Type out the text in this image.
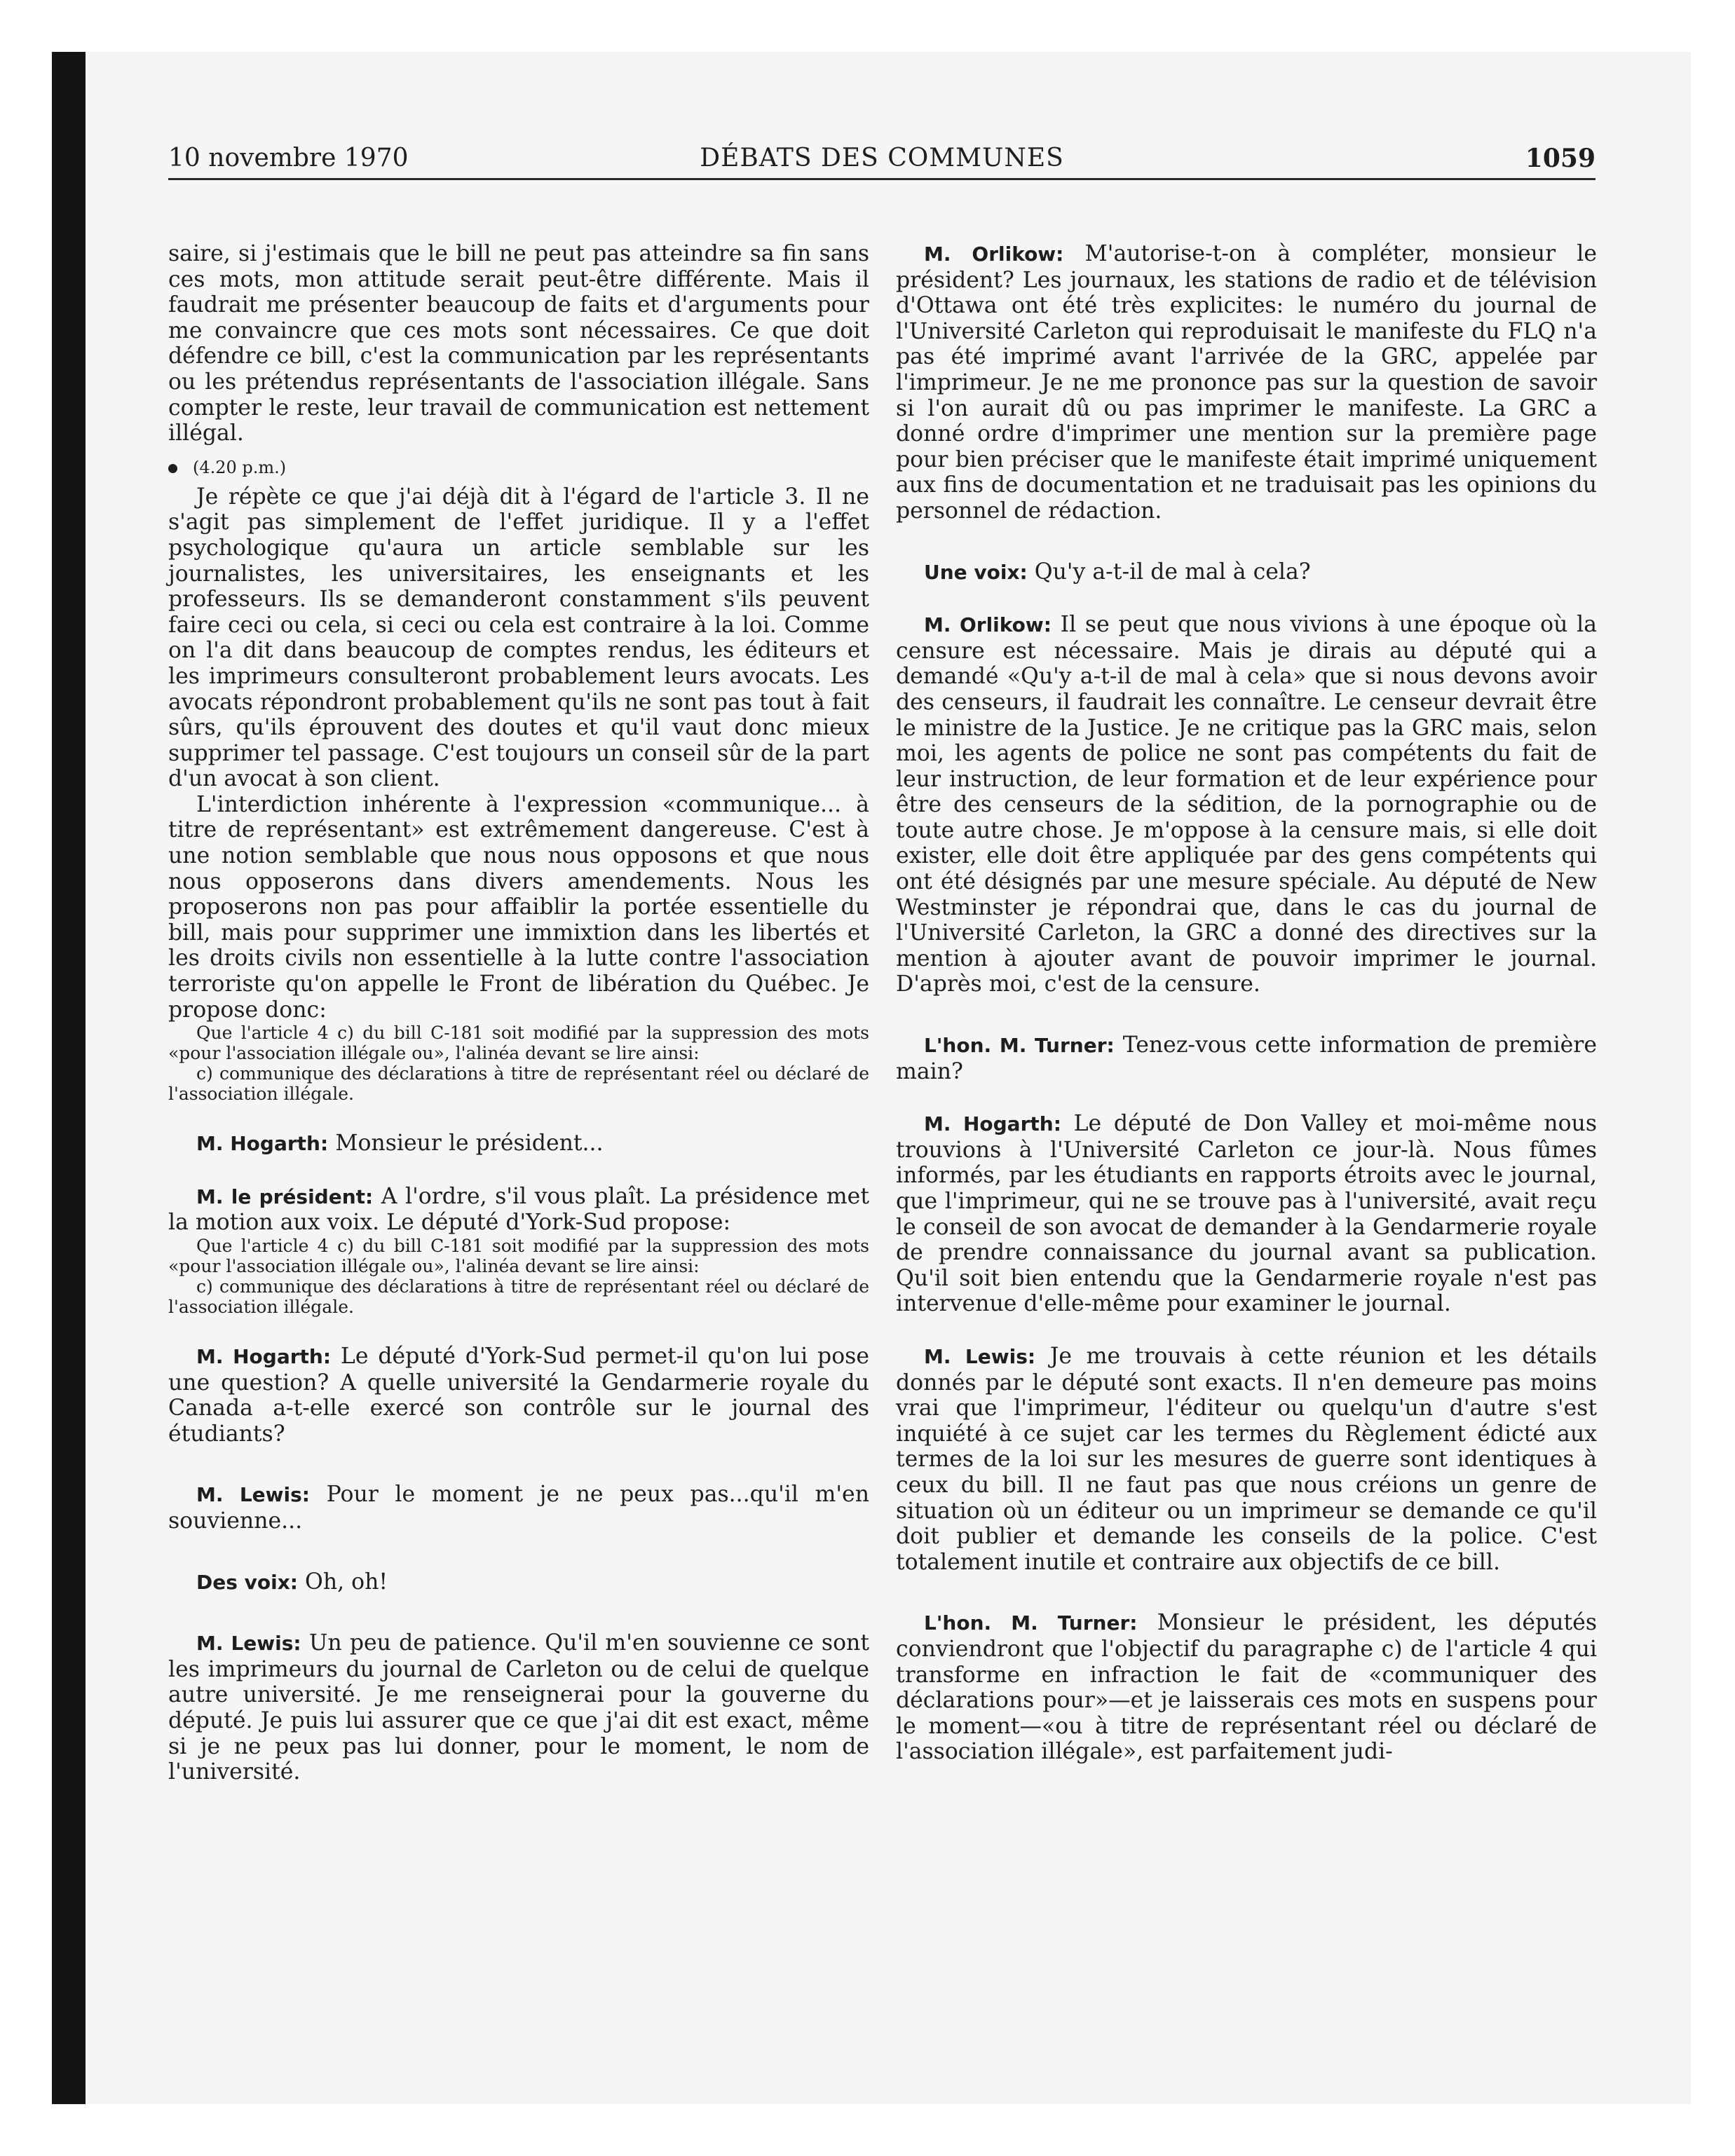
10 novembre 1970	DÉBATS DES COMMUNES	1059

saire, si j'estimais que le bill ne peut pas atteindre sa fin sans ces mots, mon attitude serait peut-être différente. Mais il faudrait me présenter beaucoup de faits et d'arguments pour me convaincre que ces mots sont nécessaires. Ce que doit défendre ce bill, c'est la communication par les représentants ou les prétendus représentants de l'association illégale. Sans compter le reste, leur travail de communication est nettement illégal.

(4.20 p.m.)

Je répète ce que j'ai déjà dit à l'égard de l'article 3. Il ne s'agit pas simplement de l'effet juridique. Il y a l'effet psychologique qu'aura un article semblable sur les journalistes, les universitaires, les enseignants et les professeurs. Ils se demanderont constamment s'ils peuvent faire ceci ou cela, si ceci ou cela est contraire à la loi. Comme on l'a dit dans beaucoup de comptes rendus, les éditeurs et les imprimeurs consulteront probablement leurs avocats. Les avocats répondront probablement qu'ils ne sont pas tout à fait sûrs, qu'ils éprouvent des doutes et qu'il vaut donc mieux supprimer tel passage. C'est toujours un conseil sûr de la part d'un avocat à son client.

L'interdiction inhérente à l'expression «communique... à titre de représentant» est extrêmement dangereuse. C'est à une notion semblable que nous nous opposons et que nous nous opposerons dans divers amendements. Nous les proposerons non pas pour affaiblir la portée essentielle du bill, mais pour supprimer une immixtion dans les libertés et les droits civils non essentielle à la lutte contre l'association terroriste qu'on appelle le Front de libération du Québec. Je propose donc:

Que l'article 4 c) du bill C-181 soit modifié par la suppression des mots «pour l'association illégale ou», l'alinéa devant se lire ainsi:

c) communique des déclarations à titre de représentant réel ou déclaré de l'association illégale.

M. Hogarth: Monsieur le président...

M. le président: A l'ordre, s'il vous plaît. La présidence met la motion aux voix. Le député d'York-Sud propose:

Que l'article 4 c) du bill C-181 soit modifié par la suppression des mots «pour l'association illégale ou», l'alinéa devant se lire ainsi:

c) communique des déclarations à titre de représentant réel ou déclaré de l'association illégale.

M. Hogarth: Le député d'York-Sud permet-il qu'on lui pose une question? A quelle université la Gendarmerie royale du Canada a-t-elle exercé son contrôle sur le journal des étudiants?

M. Lewis: Pour le moment je ne peux pas...qu'il m'en souvienne...

Des voix: Oh, oh!

M. Lewis: Un peu de patience. Qu'il m'en souvienne ce sont les imprimeurs du journal de Carleton ou de celui de quelque autre université. Je me renseignerai pour la gouverne du député. Je puis lui assurer que ce que j'ai dit est exact, même si je ne peux pas lui donner, pour le moment, le nom de l'université.

M. Orlikow: M'autorise-t-on à compléter, monsieur le président? Les journaux, les stations de radio et de télévision d'Ottawa ont été très explicites: le numéro du journal de l'Université Carleton qui reproduisait le manifeste du FLQ n'a pas été imprimé avant l'arrivée de la GRC, appelée par l'imprimeur. Je ne me prononce pas sur la question de savoir si l'on aurait dû ou pas imprimer le manifeste. La GRC a donné ordre d'imprimer une mention sur la première page pour bien préciser que le manifeste était imprimé uniquement aux fins de documentation et ne traduisait pas les opinions du personnel de rédaction.

Une voix: Qu'y a-t-il de mal à cela?

M. Orlikow: Il se peut que nous vivions à une époque où la censure est nécessaire. Mais je dirais au député qui a demandé «Qu'y a-t-il de mal à cela» que si nous devons avoir des censeurs, il faudrait les connaître. Le censeur devrait être le ministre de la Justice. Je ne critique pas la GRC mais, selon moi, les agents de police ne sont pas compétents du fait de leur instruction, de leur formation et de leur expérience pour être des censeurs de la sédition, de la pornographie ou de toute autre chose. Je m'oppose à la censure mais, si elle doit exister, elle doit être appliquée par des gens compétents qui ont été désignés par une mesure spéciale. Au député de New Westminster je répondrai que, dans le cas du journal de l'Université Carleton, la GRC a donné des directives sur la mention à ajouter avant de pouvoir imprimer le journal. D'après moi, c'est de la censure.

L'hon. M. Turner: Tenez-vous cette information de première main?

M. Hogarth: Le député de Don Valley et moi-même nous trouvions à l'Université Carleton ce jour-là. Nous fûmes informés, par les étudiants en rapports étroits avec le journal, que l'imprimeur, qui ne se trouve pas à l'université, avait reçu le conseil de son avocat de demander à la Gendarmerie royale de prendre connaissance du journal avant sa publication. Qu'il soit bien entendu que la Gendarmerie royale n'est pas intervenue d'elle-même pour examiner le journal.

M. Lewis: Je me trouvais à cette réunion et les détails donnés par le député sont exacts. Il n'en demeure pas moins vrai que l'imprimeur, l'éditeur ou quelqu'un d'autre s'est inquiété à ce sujet car les termes du Règlement édicté aux termes de la loi sur les mesures de guerre sont identiques à ceux du bill. Il ne faut pas que nous créions un genre de situation où un éditeur ou un imprimeur se demande ce qu'il doit publier et demande les conseils de la police. C'est totalement inutile et contraire aux objectifs de ce bill.

L'hon. M. Turner: Monsieur le président, les députés conviendront que l'objectif du paragraphe c) de l'article 4 qui transforme en infraction le fait de «communiquer des déclarations pour»—et je laisserais ces mots en suspens pour le moment—«ou à titre de représentant réel ou déclaré de l'association illégale», est parfaitement judi-
